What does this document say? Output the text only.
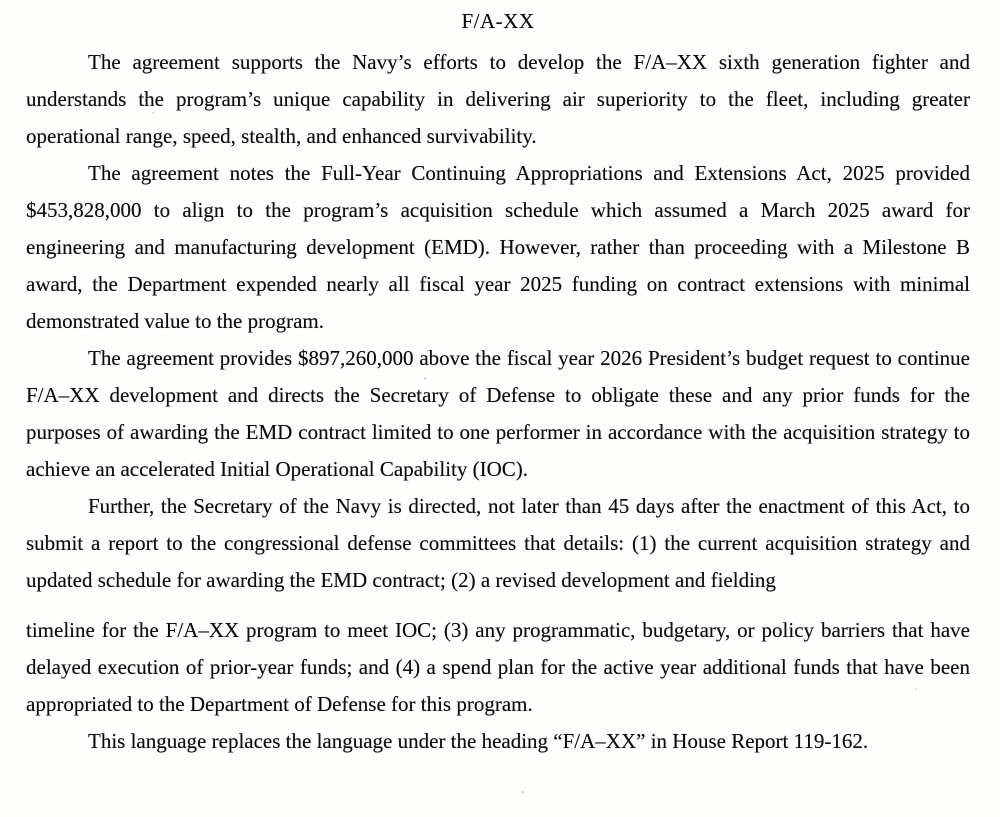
F/A-XX

The agreement supports the Navy’s efforts to develop the F/A–XX sixth generation fighter and understands the program’s unique capability in delivering air superiority to the fleet, including greater operational range, speed, stealth, and enhanced survivability.

The agreement notes the Full-Year Continuing Appropriations and Extensions Act, 2025 provided $453,828,000 to align to the program’s acquisition schedule which assumed a March 2025 award for engineering and manufacturing development (EMD). However, rather than proceeding with a Milestone B award, the Department expended nearly all fiscal year 2025 funding on contract extensions with minimal demonstrated value to the program.

The agreement provides $897,260,000 above the fiscal year 2026 President’s budget request to continue F/A–XX development and directs the Secretary of Defense to obligate these and any prior funds for the purposes of awarding the EMD contract limited to one performer in accordance with the acquisition strategy to achieve an accelerated Initial Operational Capability (IOC).

Further, the Secretary of the Navy is directed, not later than 45 days after the enactment of this Act, to submit a report to the congressional defense committees that details: (1) the current acquisition strategy and updated schedule for awarding the EMD contract; (2) a revised development and fielding

timeline for the F/A–XX program to meet IOC; (3) any programmatic, budgetary, or policy barriers that have delayed execution of prior-year funds; and (4) a spend plan for the active year additional funds that have been appropriated to the Department of Defense for this program.

This language replaces the language under the heading “F/A–XX” in House Report 119-162.
